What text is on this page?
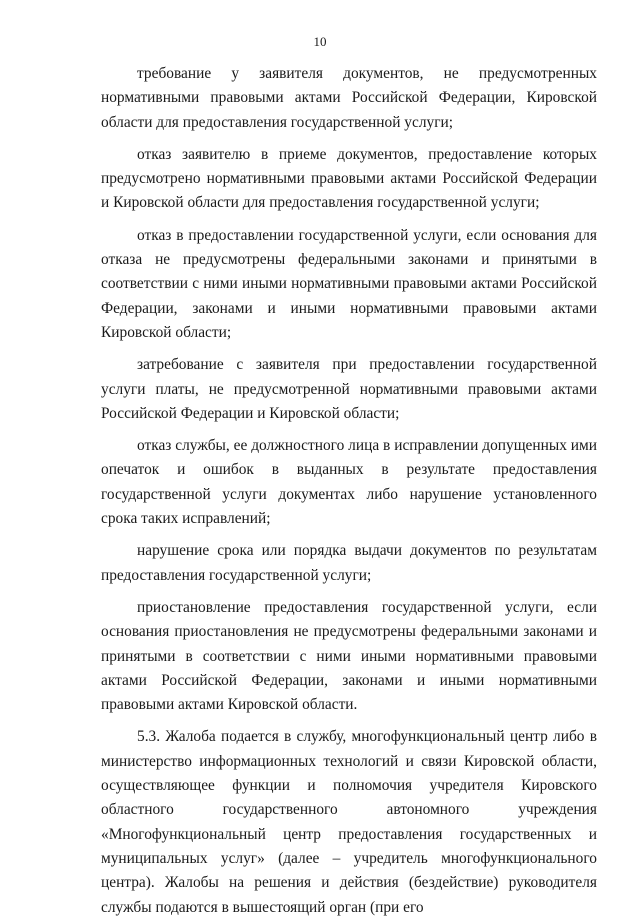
10

требование у заявителя документов, не предусмотренных нормативными правовыми актами Российской Федерации, Кировской области для предоставления государственной услуги;

отказ заявителю в приеме документов, предоставление которых предусмотрено нормативными правовыми актами Российской Федерации и Кировской области для предоставления государственной услуги;

отказ в предоставлении государственной услуги, если основания для отказа не предусмотрены федеральными законами и принятыми в соответствии с ними иными нормативными правовыми актами Российской Федерации, законами и иными нормативными правовыми актами Кировской области;

затребование с заявителя при предоставлении государственной услуги платы, не предусмотренной нормативными правовыми актами Российской Федерации и Кировской области;

отказ службы, ее должностного лица в исправлении допущенных ими опечаток и ошибок в выданных в результате предоставления государственной услуги документах либо нарушение установленного срока таких исправлений;

нарушение срока или порядка выдачи документов по результатам предоставления государственной услуги;

приостановление предоставления государственной услуги, если основания приостановления не предусмотрены федеральными законами и принятыми в соответствии с ними иными нормативными правовыми актами Российской Федерации, законами и иными нормативными правовыми актами Кировской области.

5.3. Жалоба подается в службу, многофункциональный центр либо в министерство информационных технологий и связи Кировской области, осуществляющее функции и полномочия учредителя Кировского областного государственного автономного учреждения «Многофункциональный центр предоставления государственных и муниципальных услуг» (далее – учредитель многофункционального центра). Жалобы на решения и действия (бездействие) руководителя службы подаются в вышестоящий орган (при его
